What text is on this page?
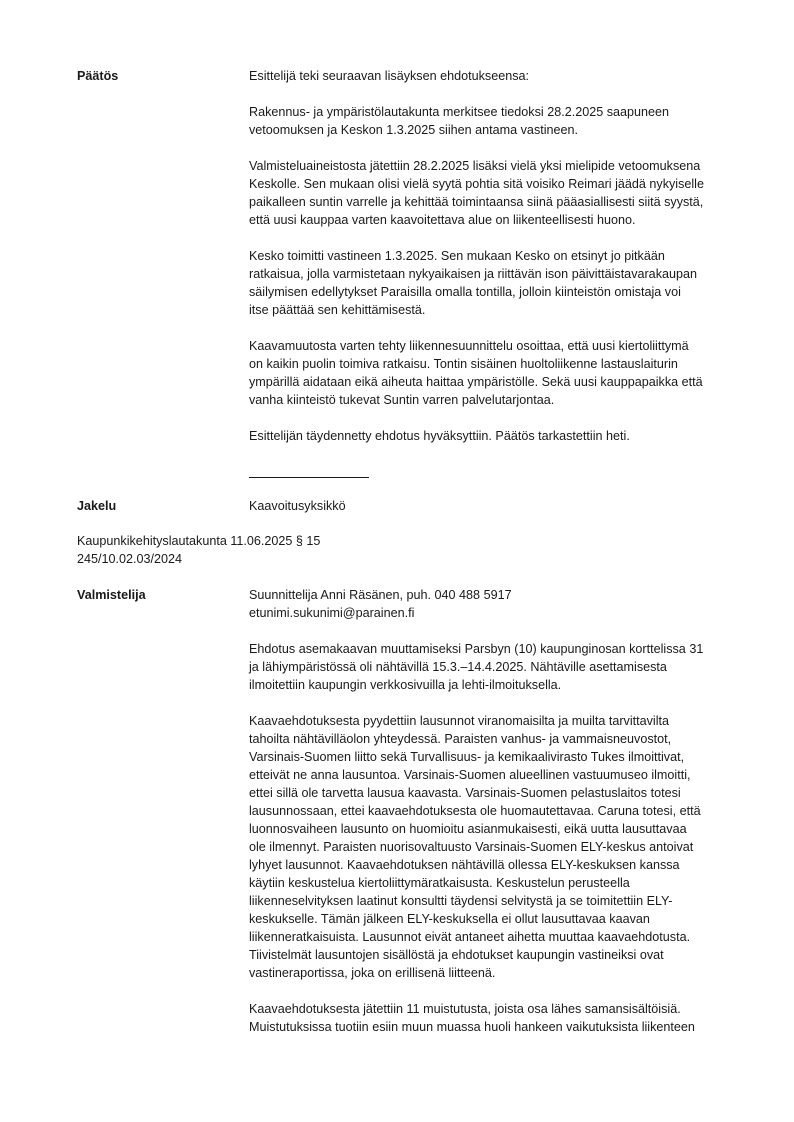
Päätös	Esittelijä teki seuraavan lisäyksen ehdotukseensa:

Rakennus- ja ympäristölautakunta merkitsee tiedoksi 28.2.2025 saapuneen
vetoomuksen ja Keskon 1.3.2025 siihen antama vastineen.

Valmisteluaineistosta jätettiin 28.2.2025 lisäksi vielä yksi mielipide vetoomuksena
Keskolle. Sen mukaan olisi vielä syytä pohtia sitä voisiko Reimari jäädä nykyiselle
paikalleen suntin varrelle ja kehittää toimintaansa siinä pääasiallisesti siitä syystä,
että uusi kauppaa varten kaavoitettava alue on liikenteellisesti huono.

Kesko toimitti vastineen 1.3.2025. Sen mukaan Kesko on etsinyt jo pitkään
ratkaisua, jolla varmistetaan nykyaikaisen ja riittävän ison päivittäistavarakaupan
säilymisen edellytykset Paraisilla omalla tontilla, jolloin kiinteistön omistaja voi
itse päättää sen kehittämisestä.

Kaavamuutosta varten tehty liikennesuunnittelu osoittaa, että uusi kiertoliittymä
on kaikin puolin toimiva ratkaisu. Tontin sisäinen huoltoliikenne lastauslaiturin
ympärillä aidataan eikä aiheuta haittaa ympäristölle. Sekä uusi kauppapaikka että
vanha kiinteistö tukevat Suntin varren palvelutarjontaa.

Esittelijän täydennetty ehdotus hyväksyttiin. Päätös tarkastettiin heti.

Jakelu	Kaavoitusyksikkö
Kaupunkikehityslautakunta 11.06.2025 § 15
245/10.02.03/2024
Valmistelija	Suunnittelija Anni Räsänen, puh. 040 488 5917
etunimi.sukunimi@parainen.fi

Ehdotus asemakaavan muuttamiseksi Parsbyn (10) kaupunginosan korttelissa 31
ja lähiympäristössä oli nähtävillä 15.3.–14.4.2025. Nähtäville asettamisesta
ilmoitettiin kaupungin verkkosivuilla ja lehti-ilmoituksella.

Kaavaehdotuksesta pyydettiin lausunnot viranomaisilta ja muilta tarvittavilta
tahoilta nähtävilläolon yhteydessä. Paraisten vanhus- ja vammaisneuvostot,
Varsinais-Suomen liitto sekä Turvallisuus- ja kemikaalivirasto Tukes ilmoittivat,
etteivät ne anna lausuntoa. Varsinais-Suomen alueellinen vastuumuseo ilmoitti,
ettei sillä ole tarvetta lausua kaavasta. Varsinais-Suomen pelastuslaitos totesi
lausunnossaan, ettei kaavaehdotuksesta ole huomautettavaa. Caruna totesi, että
luonnosvaiheen lausunto on huomioitu asianmukaisesti, eikä uutta lausuttavaa
ole ilmennyt. Paraisten nuorisovaltuusto Varsinais-Suomen ELY-keskus antoivat
lyhyet lausunnot. Kaavaehdotuksen nähtävillä ollessa ELY-keskuksen kanssa
käytiin keskustelua kiertoliittymäratkaisusta. Keskustelun perusteella
liikenneselvityksen laatinut konsultti täydensi selvitystä ja se toimitettiin ELY-
keskukselle. Tämän jälkeen ELY-keskuksella ei ollut lausuttavaa kaavan
liikenneratkaisuista. Lausunnot eivät antaneet aihetta muuttaa kaavaehdotusta.
Tiivistelmät lausuntojen sisällöstä ja ehdotukset kaupungin vastineiksi ovat
vastineraportissa, joka on erillisenä liitteenä.

Kaavaehdotuksesta jätettiin 11 muistutusta, joista osa lähes samansisältöisiä.
Muistutuksissa tuotiin esiin muun muassa huoli hankeen vaikutuksista liikenteen
